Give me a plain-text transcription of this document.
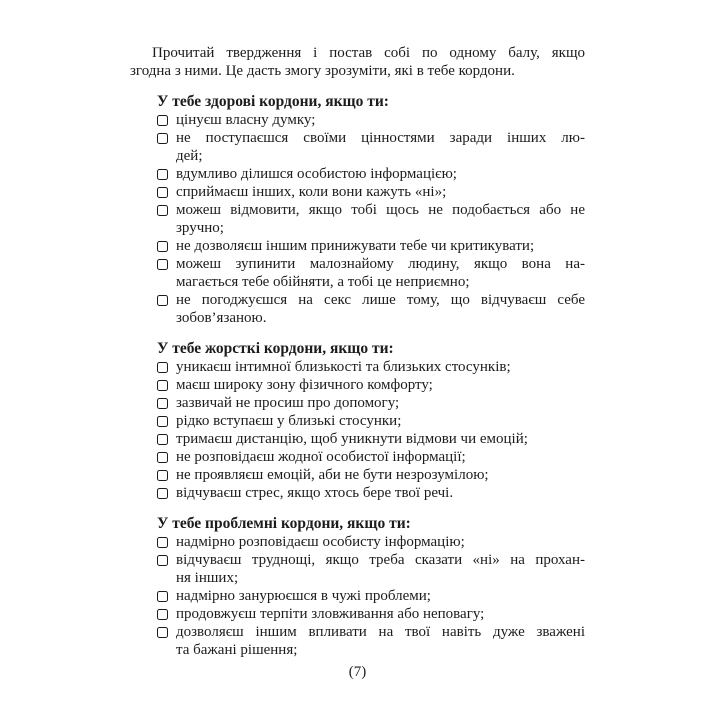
Прочитай твердження і постав собі по одному балу, якщо
згодна з ними. Це дасть змогу зрозуміти, які в тебе кордони.

У тебе здорові кордони, якщо ти:
цінуєш власну думку;
не поступаєшся своїми цінностями заради інших лю-
дей;
вдумливо ділишся особистою інформацією;
сприймаєш інших, коли вони кажуть «ні»;
можеш відмовити, якщо тобі щось не подобається або не
зручно;
не дозволяєш іншим принижувати тебе чи критикувати;
можеш зупинити малознайому людину, якщо вона на-
магається тебе обійняти, а тобі це неприємно;
не погоджуєшся на секс лише тому, що відчуваєш себе
зобов’язаною.
У тебе жорсткі кордони, якщо ти:
уникаєш інтимної близькості та близьких стосунків;
маєш широку зону фізичного комфорту;
зазвичай не просиш про допомогу;
рідко вступаєш у близькі стосунки;
тримаєш дистанцію, щоб уникнути відмови чи емоцій;
не розповідаєш жодної особистої інформації;
не проявляєш емоцій, аби не бути незрозумілою;
відчуваєш стрес, якщо хтось бере твої речі.
У тебе проблемні кордони, якщо ти:
надмірно розповідаєш особисту інформацію;
відчуваєш труднощі, якщо треба сказати «ні» на прохан-
ня інших;
надмірно занурюєшся в чужі проблеми;
продовжуєш терпіти зловживання або неповагу;
дозволяєш іншим впливати на твої навіть дуже зважені
та бажані рішення;
(7)
